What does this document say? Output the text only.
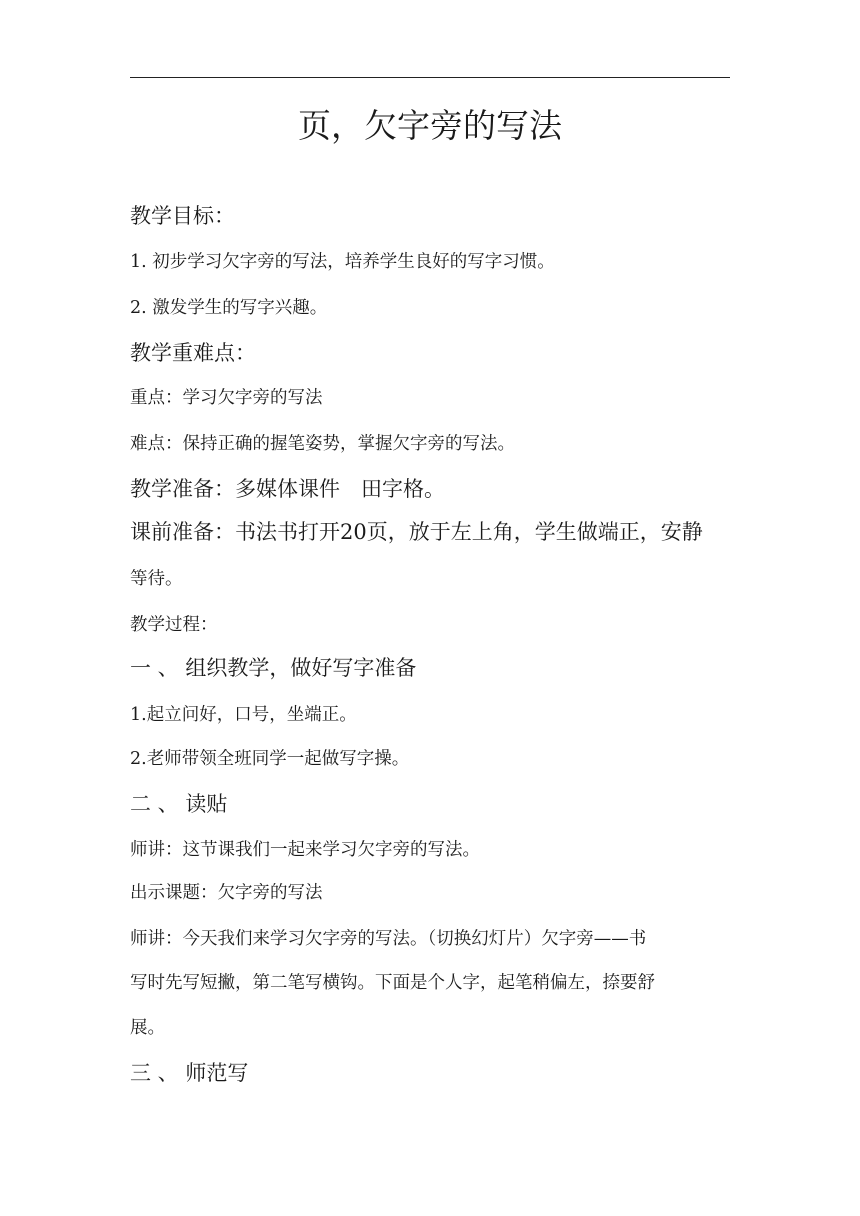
页，欠字旁的写法

教学目标：

1. 初步学习欠字旁的写法，培养学生良好的写字习惯。

2. 激发学生的写字兴趣。

教学重难点：

重点：学习欠字旁的写法

难点：保持正确的握笔姿势，掌握欠字旁的写法。

教学准备：多媒体课件　田字格。

课前准备：书法书打开20页，放于左上角，学生做端正，安静

等待。

教学过程：

一 、 组织教学，做好写字准备

1.起立问好，口号，坐端正。

2.老师带领全班同学一起做写字操。

二 、 读贴

师讲：这节课我们一起来学习欠字旁的写法。

出示课题：欠字旁的写法

师讲：今天我们来学习欠字旁的写法。（切换幻灯片）欠字旁——书

写时先写短撇，第二笔写横钩。下面是个人字，起笔稍偏左，捺要舒

展。

三 、 师范写
